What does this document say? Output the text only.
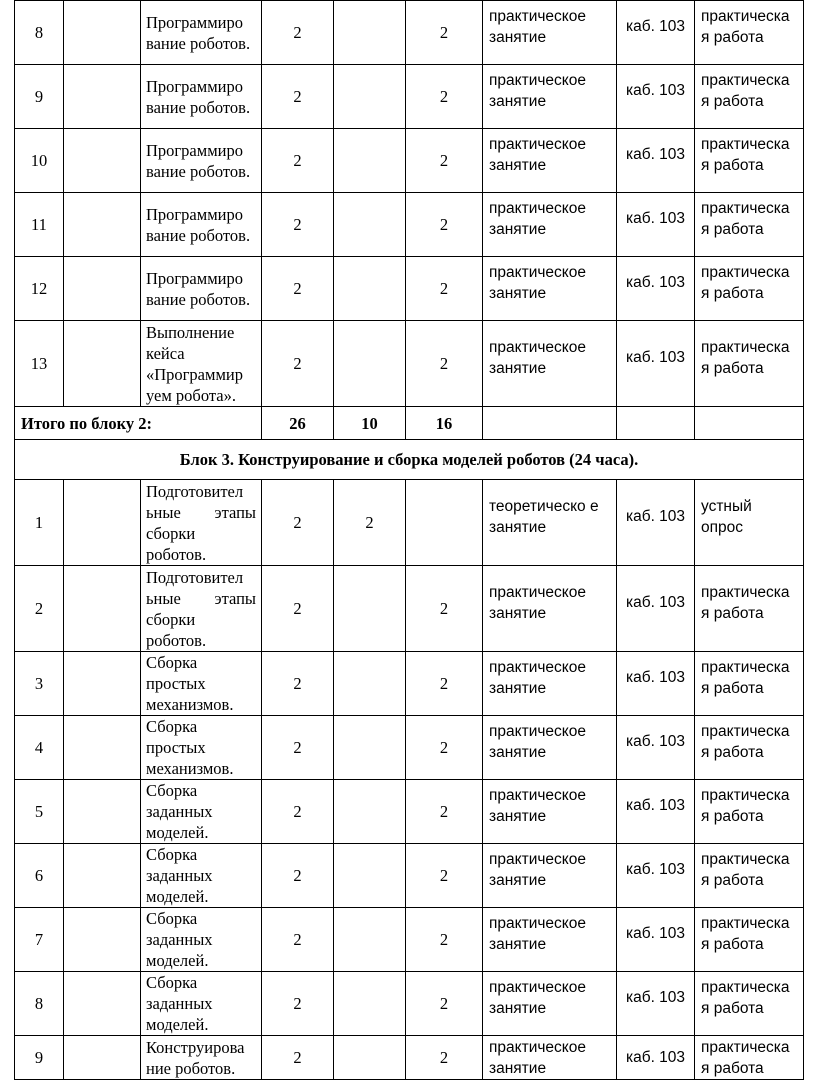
8		Программиро вание роботов.	2		2	практическое занятие	каб. 103	практическа я работа

9		Программиро вание роботов.	2		2	практическое занятие	каб. 103	практическа я работа

10		Программиро вание роботов.	2		2	практическое занятие	каб. 103	практическа я работа

11		Программиро вание роботов.	2		2	практическое занятие	каб. 103	практическа я работа

12		Программиро вание роботов.	2		2	практическое занятие	каб. 103	практическа я работа

13		Выполнение кейса «Программир уем робота».	2		2	практическое занятие	каб. 103	практическа я работа

Итого по блоку 2:			26	10	16			
Блок 3. Конструирование и сборка моделей роботов (24 часа).								
1		Подготовител ьные этапы сборки роботов.	2	2		теоретическо е занятие	каб. 103	устный опрос

2		Подготовител ьные этапы сборки роботов.	2		2	практическое занятие	каб. 103	практическа я работа

3		Сборка простых механизмов.	2		2	практическое занятие	каб. 103	практическа я работа

4		Сборка простых механизмов.	2		2	практическое занятие	каб. 103	практическа я работа

5		Сборка заданных моделей.	2		2	практическое занятие	каб. 103	практическа я работа

6		Сборка заданных моделей.	2		2	практическое занятие	каб. 103	практическа я работа

7		Сборка заданных моделей.	2		2	практическое занятие	каб. 103	практическа я работа

8		Сборка заданных моделей.	2		2	практическое занятие	каб. 103	практическа я работа

9		Конструирова ние роботов.	2		2	практическое занятие	каб. 103	практическа я работа
